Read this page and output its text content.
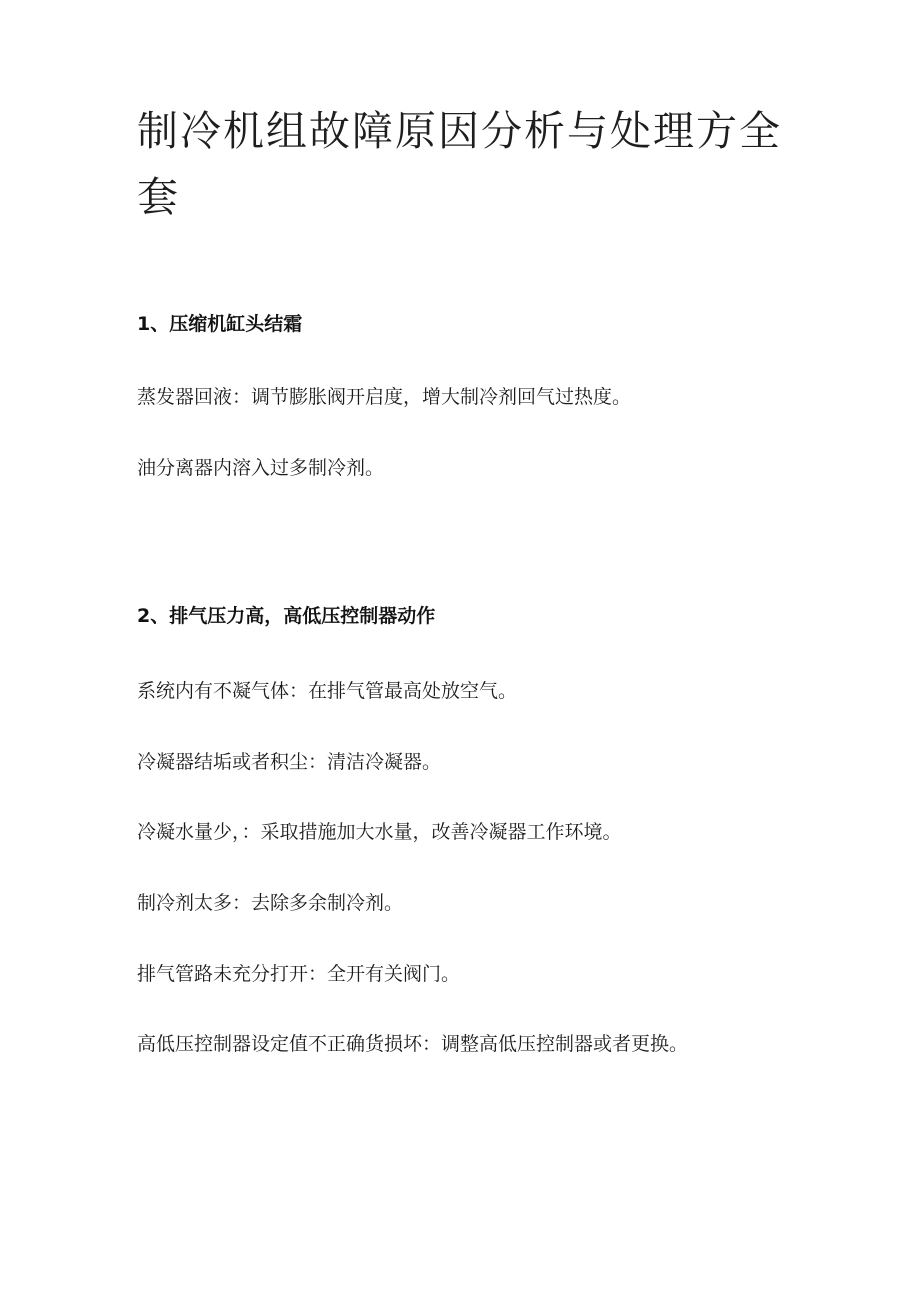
制冷机组故障原因分析与处理方全套
1、压缩机缸头结霜

蒸发器回液：调节膨胀阀开启度，增大制冷剂回气过热度。

油分离器内溶入过多制冷剂。

2、排气压力高，高低压控制器动作

系统内有不凝气体：在排气管最高处放空气。

冷凝器结垢或者积尘：清洁冷凝器。

冷凝水量少，：采取措施加大水量，改善冷凝器工作环境。

制冷剂太多：去除多余制冷剂。

排气管路未充分打开：全开有关阀门。

高低压控制器设定值不正确货损坏：调整高低压控制器或者更换。
